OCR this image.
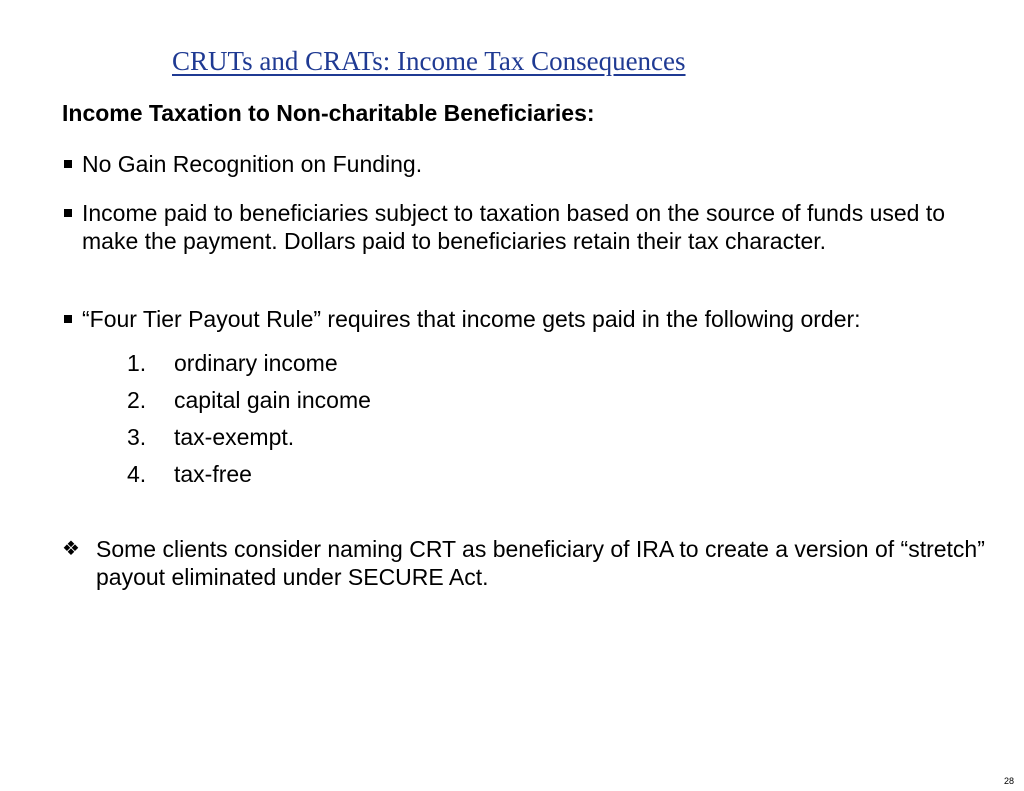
CRUTs and CRATs: Income Tax Consequences
Income Taxation to Non-charitable Beneficiaries:
No Gain Recognition on Funding.
Income paid to beneficiaries subject to taxation based on the source of funds used to make the payment. Dollars paid to beneficiaries retain their tax character.
“Four Tier Payout Rule” requires that income gets paid in the following order:
1. ordinary income
2. capital gain income
3. tax-exempt.
4. tax-free
❖ Some clients consider naming CRT as beneficiary of IRA to create a version of “stretch” payout eliminated under SECURE Act.
28
